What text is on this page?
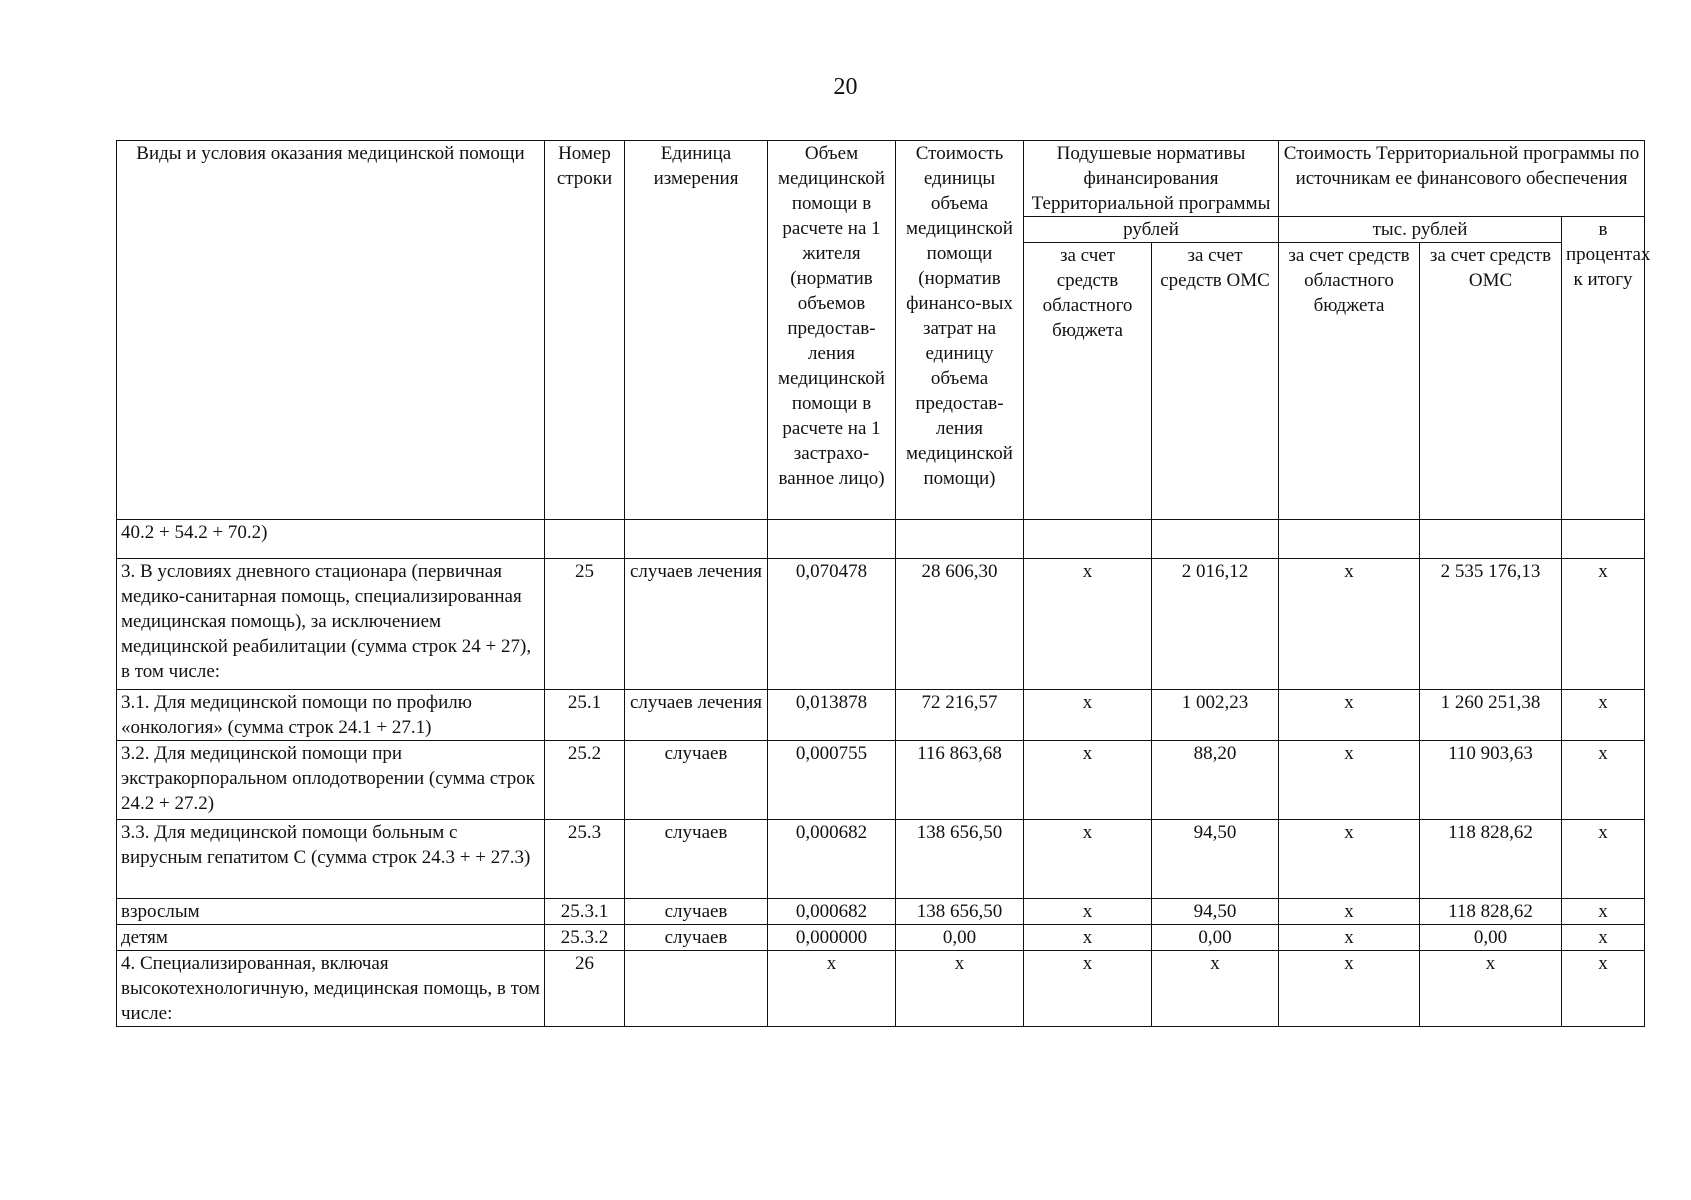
20
Виды и условия оказания медицинской помощи	Номер строки	Единица измерения	Объем медицинской помощи в расчете на 1 жителя (норматив объемов предостав-ления медицинской помощи в расчете на 1 застрахо-ванное лицо)	Стоимость единицы объема медицинской помощи (норматив финансо-вых затрат на единицу объема предостав-ления медицинской помощи)	Подушевые нормативы финансирования Территориальной программы		Стоимость Территориальной программы по источникам ее финансового обеспечения		
					рублей		тыс. рублей		в процентах к итогу
					за счет средств областного бюджета	за счет средств ОМС	за счет средств областного бюджета	за счет средств ОМС	
40.2 + 54.2 + 70.2)									
3. В условиях дневного стационара (первичная медико-санитарная помощь, специализированная медицинская помощь), за исключением медицинской реабилитации (сумма строк 24 + 27), в том числе:	25	случаев лечения	0,070478	28 606,30	х	2 016,12	х	2 535 176,13	х
3.1. Для медицинской помощи по профилю «онкология» (сумма строк 24.1 + 27.1)	25.1	случаев лечения	0,013878	72 216,57	х	1 002,23	х	1 260 251,38	х
3.2. Для медицинской помощи при экстракорпоральном оплодотворении (сумма строк 24.2 + 27.2)	25.2	случаев	0,000755	116 863,68	х	88,20	х	110 903,63	х
3.3. Для медицинской помощи больным с вирусным гепатитом С (сумма строк 24.3 + + 27.3)	25.3	случаев	0,000682	138 656,50	х	94,50	х	118 828,62	х
взрослым	25.3.1	случаев	0,000682	138 656,50	х	94,50	х	118 828,62	х
детям	25.3.2	случаев	0,000000	0,00	х	0,00	х	0,00	х
4. Специализированная, включая высокотехнологичную, медицинская помощь, в том числе:	26		х	х	х	х	х	х	х
